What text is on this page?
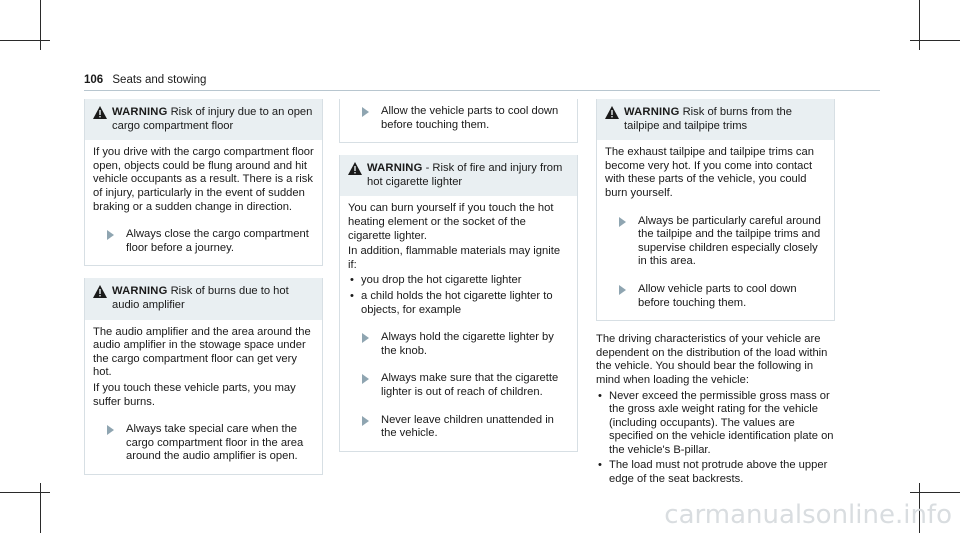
106 Seats and stowing
WARNING Risk of injury due to an open cargo compartment floor

If you drive with the cargo compartment floor open, objects could be flung around and hit vehicle occupants as a result. There is a risk of injury, particularly in the event of sudden braking or a sudden change in direction.

Always close the cargo compartment floor before a journey.
WARNING Risk of burns due to hot audio amplifier

The audio amplifier and the area around the audio amplifier in the stowage space under the cargo compartment floor can get very hot.

If you touch these vehicle parts, you may suffer burns.

Always take special care when the cargo compartment floor in the area around the audio amplifier is open.
Allow the vehicle parts to cool down before touching them.
WARNING - Risk of fire and injury from hot cigarette lighter

You can burn yourself if you touch the hot heating element or the socket of the cigarette lighter.

In addition, flammable materials may ignite if:

• you drop the hot cigarette lighter
• a child holds the hot cigarette lighter to objects, for example
Always hold the cigarette lighter by the knob.
Always make sure that the cigarette lighter is out of reach of children.
Never leave children unattended in the vehicle.
WARNING Risk of burns from the tailpipe and tailpipe trims

The exhaust tailpipe and tailpipe trims can become very hot. If you come into contact with these parts of the vehicle, you could burn yourself.

Always be particularly careful around the tailpipe and the tailpipe trims and supervise children especially closely in this area.
Allow vehicle parts to cool down before touching them.

The driving characteristics of your vehicle are dependent on the distribution of the load within the vehicle. You should bear the following in mind when loading the vehicle:

• Never exceed the permissible gross mass or the gross axle weight rating for the vehicle (including occupants). The values are specified on the vehicle identification plate on the vehicle's B-pillar.
• The load must not protrude above the upper edge of the seat backrests.
carmanualsonline.info
